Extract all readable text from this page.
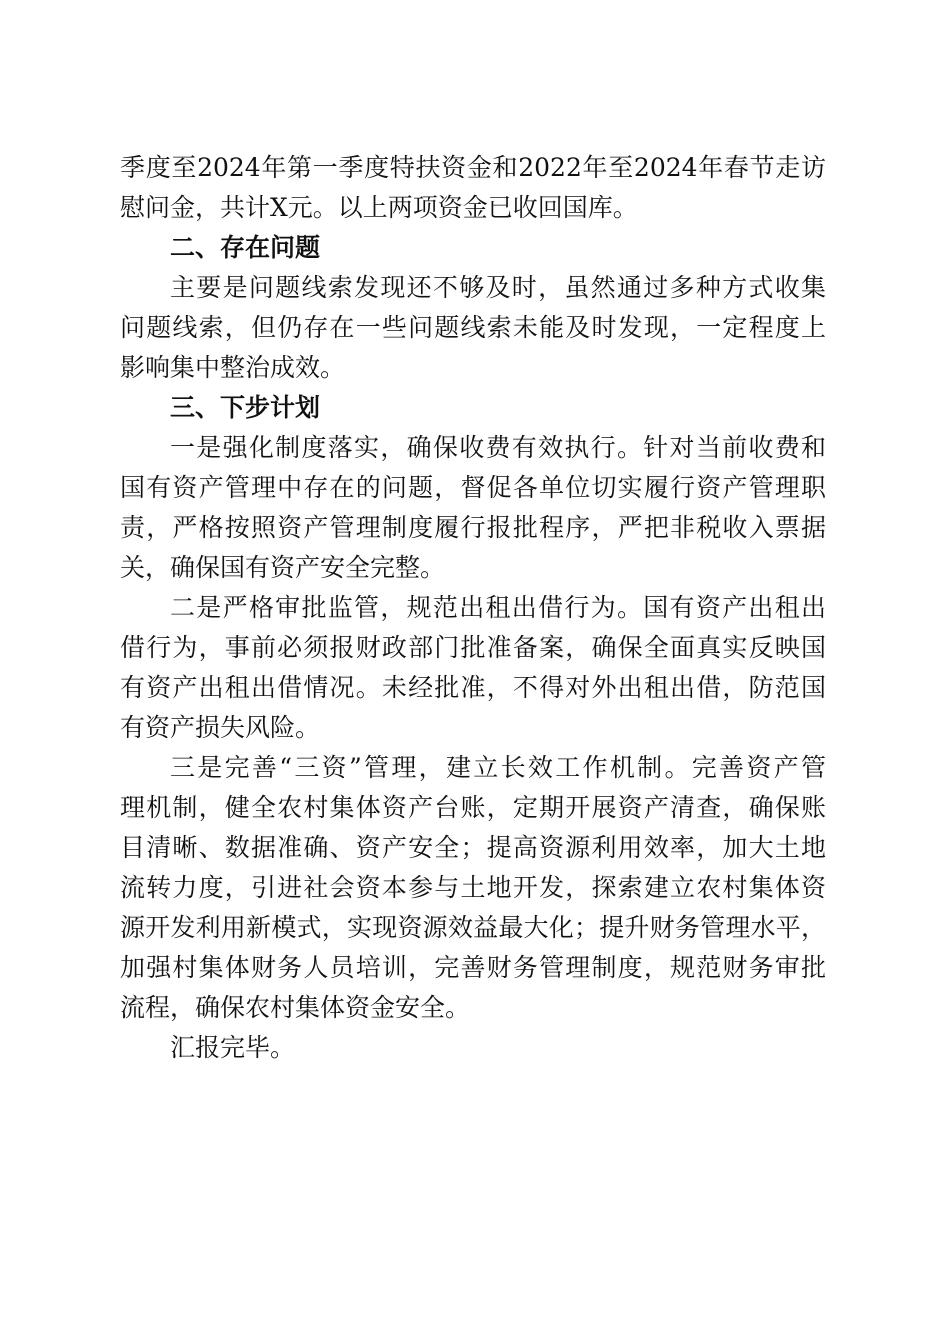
季度至2024年第一季度特扶资金和2022年至2024年春节走访
慰问金，共计X元。以上两项资金已收回国库。
二、存在问题
主要是问题线索发现还不够及时，虽然通过多种方式收集
问题线索，但仍存在一些问题线索未能及时发现，一定程度上
影响集中整治成效。
三、下步计划
一是强化制度落实，确保收费有效执行。针对当前收费和
国有资产管理中存在的问题，督促各单位切实履行资产管理职
责，严格按照资产管理制度履行报批程序，严把非税收入票据
关，确保国有资产安全完整。
二是严格审批监管，规范出租出借行为。国有资产出租出
借行为，事前必须报财政部门批准备案，确保全面真实反映国
有资产出租出借情况。未经批准，不得对外出租出借，防范国
有资产损失风险。
三是完善“三资”管理，建立长效工作机制。完善资产管
理机制，健全农村集体资产台账，定期开展资产清查，确保账
目清晰、数据准确、资产安全；提高资源利用效率，加大土地
流转力度，引进社会资本参与土地开发，探索建立农村集体资
源开发利用新模式，实现资源效益最大化；提升财务管理水平，
加强村集体财务人员培训，完善财务管理制度，规范财务审批
流程，确保农村集体资金安全。
汇报完毕。
